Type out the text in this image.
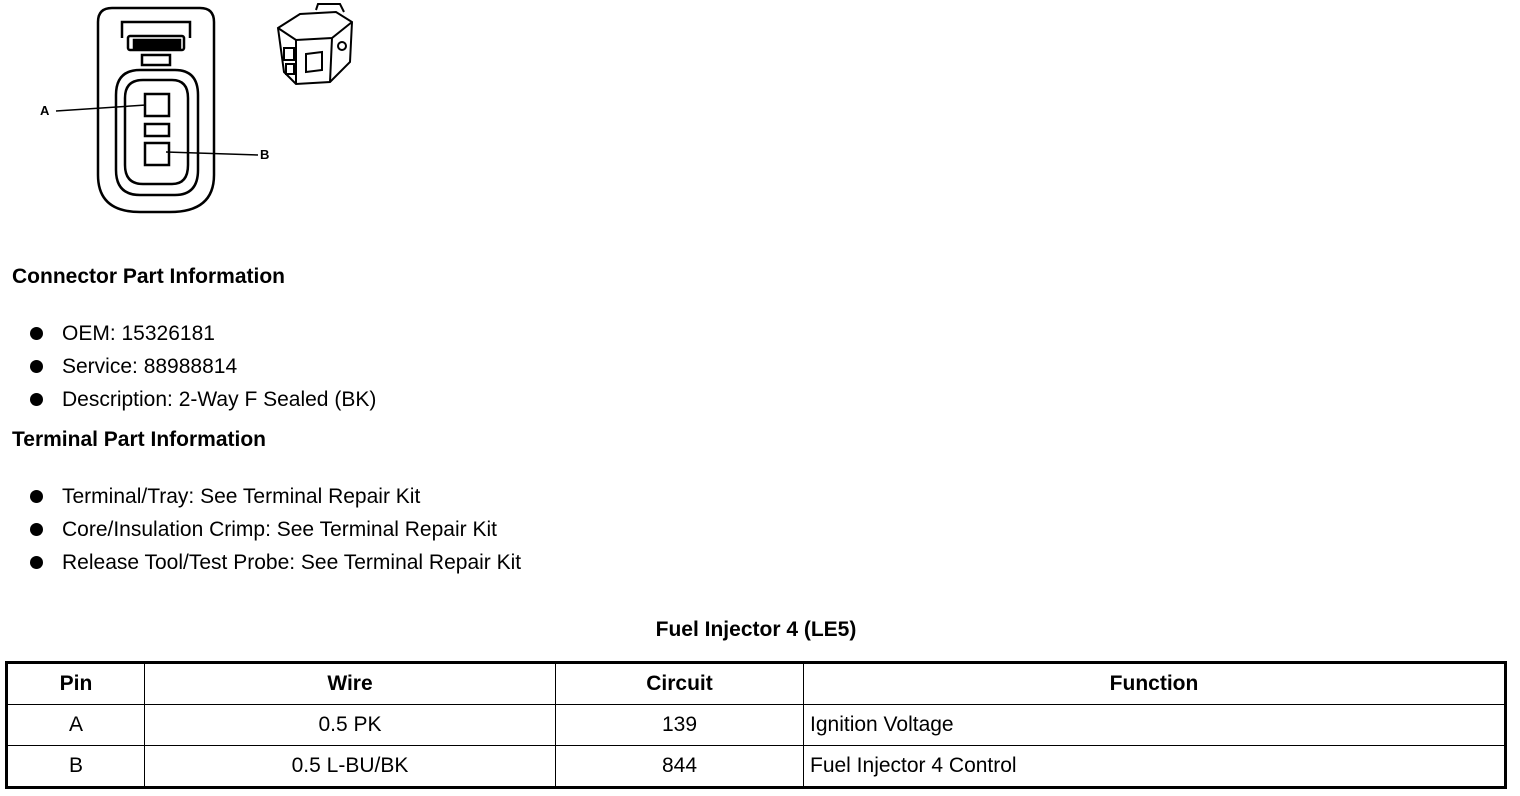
A
B
Connector Part Information
OEM: 15326181
Service: 88988814
Description: 2-Way F Sealed (BK)
Terminal Part Information
Terminal/Tray: See Terminal Repair Kit
Core/Insulation Crimp: See Terminal Repair Kit
Release Tool/Test Probe: See Terminal Repair Kit
Fuel Injector 4 (LE5)
Pin	Wire	Circuit	Function
A	0.5 PK	139	Ignition Voltage
B	0.5 L-BU/BK	844	Fuel Injector 4 Control
